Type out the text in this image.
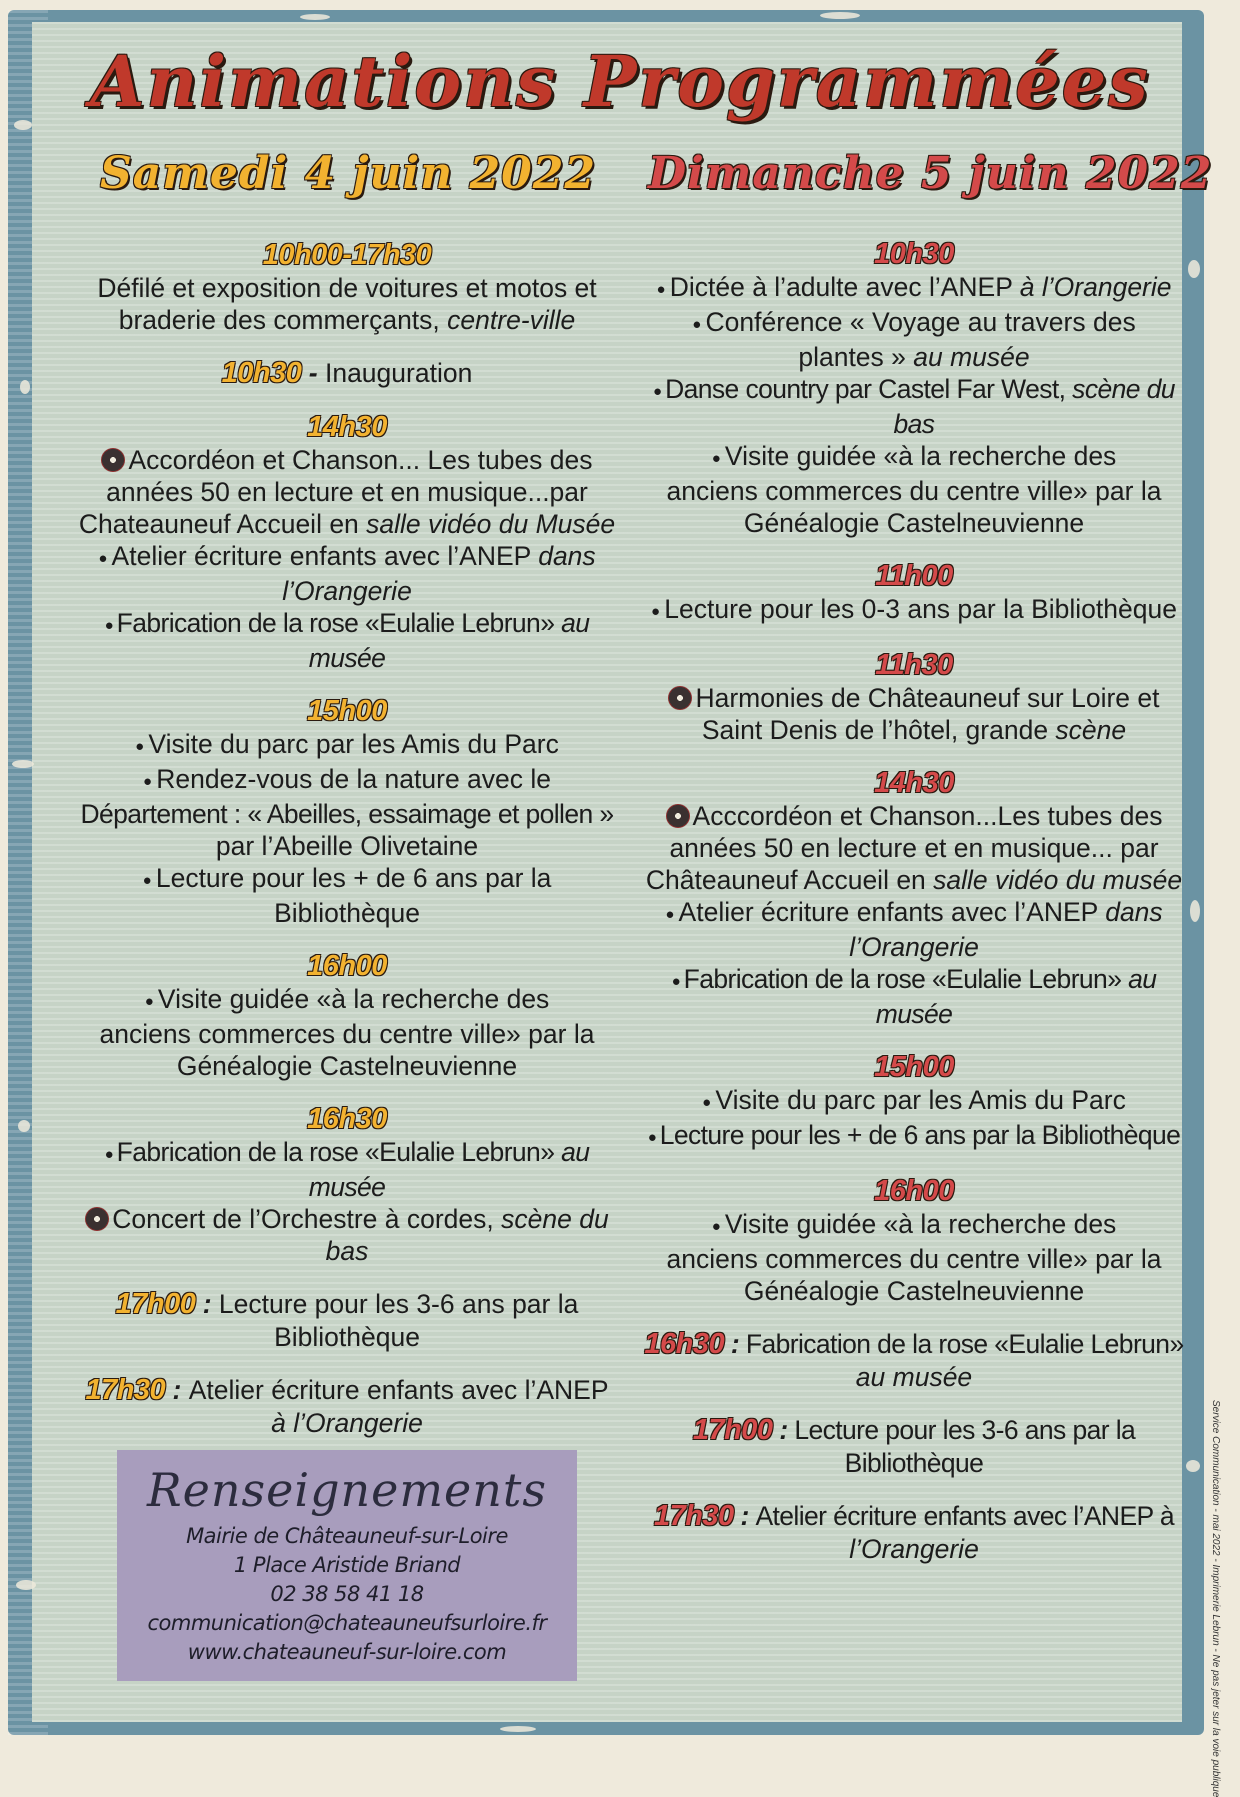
Animations Programmées
Samedi 4 juin 2022 Dimanche 5 juin 2022
10h00-17h30
Défilé et exposition de voitures et motos et
braderie des commerçants, centre-ville
10h30 - Inauguration
14h30
Accordéon et Chanson... Les tubes des
années 50 en lecture et en musique...par
Chateauneuf Accueil en salle vidéo du Musée
● Atelier écriture enfants avec l’ANEP dans
l’Orangerie
● Fabrication de la rose «Eulalie Lebrun» au musée
15h00
● Visite du parc par les Amis du Parc
● Rendez-vous de la nature avec le
Département : « Abeilles, essaimage et pollen »
par l’Abeille Olivetaine
● Lecture pour les + de 6 ans par la
Bibliothèque
16h00
● Visite guidée «à la recherche des
anciens commerces du centre ville» par la
Généalogie Castelneuvienne
16h30
● Fabrication de la rose «Eulalie Lebrun» au musée
Concert de l’Orchestre à cordes, scène du bas
17h00 : Lecture pour les 3-6 ans par la
Bibliothèque
17h30 : Atelier écriture enfants avec l’ANEP
à l’Orangerie
10h30
● Dictée à l’adulte avec l’ANEP à l’Orangerie
● Conférence « Voyage au travers des
plantes » au musée
● Danse country par Castel Far West, scène du bas
● Visite guidée «à la recherche des
anciens commerces du centre ville» par la
Généalogie Castelneuvienne
11h00
● Lecture pour les 0-3 ans par la Bibliothèque
11h30
Harmonies de Châteauneuf sur Loire et
Saint Denis de l’hôtel, grande scène
14h30
Acccordéon et Chanson...Les tubes des
années 50 en lecture et en musique... par
Châteauneuf Accueil en salle vidéo du musée
● Atelier écriture enfants avec l’ANEP dans
l’Orangerie
● Fabrication de la rose «Eulalie Lebrun» au musée
15h00
● Visite du parc par les Amis du Parc
● Lecture pour les + de 6 ans par la Bibliothèque
16h00
● Visite guidée «à la recherche des
anciens commerces du centre ville» par la
Généalogie Castelneuvienne
16h30 : Fabrication de la rose «Eulalie Lebrun»
au musée
17h00 : Lecture pour les 3-6 ans par la
Bibliothèque
17h30 : Atelier écriture enfants avec l’ANEP à
l’Orangerie
Renseignements
Mairie de Châteauneuf-sur-Loire
1 Place Aristide Briand
02 38 58 41 18
communication@chateauneufsurloire.fr
www.chateauneuf-sur-loire.com	Service Communication - mai 2022 - Imprimerie Lebrun - Ne pas jeter sur la voie publique
